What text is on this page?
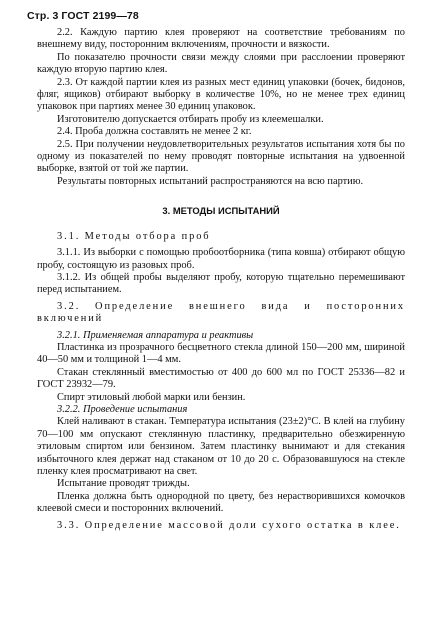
Стр. 3 ГОСТ 2199—78

2.2. Каждую партию клея проверяют на соответствие требованиям по внешнему виду, посторонним включениям, прочности и вязкости.

По показателю прочности связи между слоями при расслоении проверяют каждую вторую партию клея.

2.3. От каждой партии клея из разных мест единиц упаковки (бочек, бидонов, фляг, ящиков) отбирают выборку в количестве 10%, но не менее трех единиц упаковок при партиях менее 30 единиц упаковок.

Изготовителю допускается отбирать пробу из клеемешалки.

2.4. Проба должна составлять не менее 2 кг.

2.5. При получении неудовлетворительных результатов испытания хотя бы по одному из показателей по нему проводят повторные испытания на удвоенной выборке, взятой от той же партии.

Результаты повторных испытаний распространяются на всю партию.

3. МЕТОДЫ ИСПЫТАНИЙ

3.1. Методы отбора проб

3.1.1. Из выборки с помощью пробоотборника (типа ковша) отбирают общую пробу, состоящую из разовых проб.

3.1.2. Из общей пробы выделяют пробу, которую тщательно перемешивают перед испытанием.

3.2. Определение внешнего вида и посторонних включений

3.2.1. Применяемая аппаратура и реактивы

Пластинка из прозрачного бесцветного стекла длиной 150—200 мм, шириной 40—50 мм и толщиной 1—4 мм.

Стакан стеклянный вместимостью от 400 до 600 мл по ГОСТ 25336—82 и ГОСТ 23932—79.

Спирт этиловый любой марки или бензин.

3.2.2. Проведение испытания

Клей наливают в стакан. Температура испытания (23±2)°С. В клей на глубину 70—100 мм опускают стеклянную пластинку, предварительно обезжиренную этиловым спиртом или бензином. Затем пластинку вынимают и для стекания избыточного клея держат над стаканом от 10 до 20 с. Образовавшуюся на стекле пленку клея просматривают на свет.

Испытание проводят трижды.

Пленка должна быть однородной по цвету, без нерастворившихся комочков клеевой смеси и посторонних включений.

3.3. Определение массовой доли сухого остатка в клее.
